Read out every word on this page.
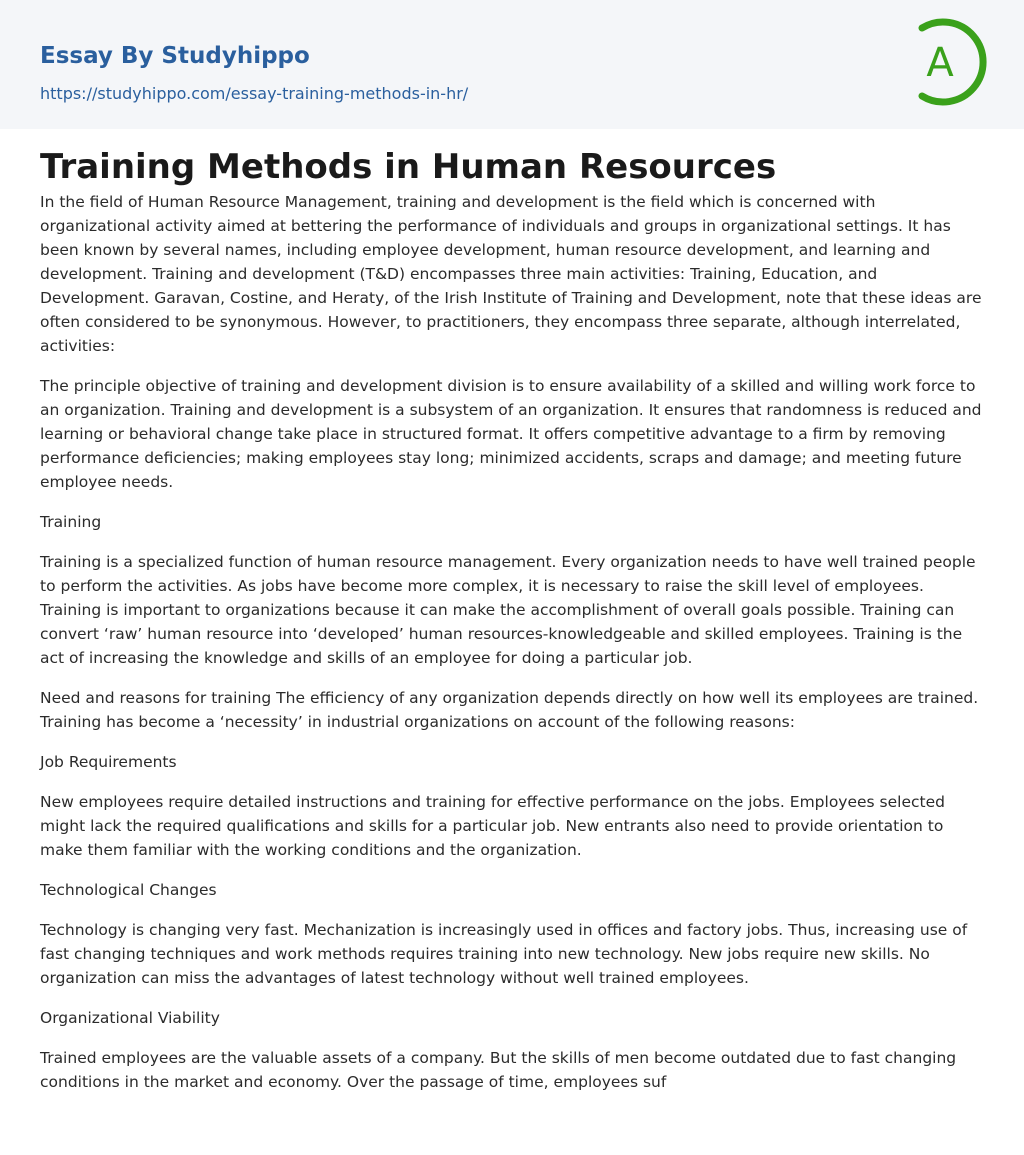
Essay By Studyhippo
https://studyhippo.com/essay-training-methods-in-hr/
A
Training Methods in Human Resources

In the field of Human Resource Management, training and development is the field which is concerned with organizational activity aimed at bettering the performance of individuals and groups in organizational settings. It has been known by several names, including employee development, human resource development, and learning and development. Training and development (T&D) encompasses three main activities: Training, Education, and Development. Garavan, Costine, and Heraty, of the Irish Institute of Training and Development, note that these ideas are often considered to be synonymous. However, to practitioners, they encompass three separate, although interrelated, activities:

The principle objective of training and development division is to ensure availability of a skilled and willing work force to an organization. Training and development is a subsystem of an organization. It ensures that randomness is reduced and learning or behavioral change take place in structured format. It offers competitive advantage to a firm by removing performance deficiencies; making employees stay long; minimized accidents, scraps and damage; and meeting future employee needs.

Training

Training is a specialized function of human resource management. Every organization needs to have well trained people to perform the activities. As jobs have become more complex, it is necessary to raise the skill level of employees. Training is important to organizations because it can make the accomplishment of overall goals possible. Training can convert ‘raw’ human resource into ‘developed’ human resources-knowledgeable and skilled employees. Training is the act of increasing the knowledge and skills of an employee for doing a particular job.

Need and reasons for training The efficiency of any organization depends directly on how well its employees are trained. Training has become a ‘necessity’ in industrial organizations on account of the following reasons:

Job Requirements

New employees require detailed instructions and training for effective performance on the jobs. Employees selected might lack the required qualifications and skills for a particular job. New entrants also need to provide orientation to make them familiar with the working conditions and the organization.

Technological Changes

Technology is changing very fast. Mechanization is increasingly used in offices and factory jobs. Thus, increasing use of fast changing techniques and work methods requires training into new technology. New jobs require new skills. No organization can miss the advantages of latest technology without well trained employees.

Organizational Viability

Trained employees are the valuable assets of a company. But the skills of men become outdated due to fast changing conditions in the market and economy. Over the passage of time, employees suf
